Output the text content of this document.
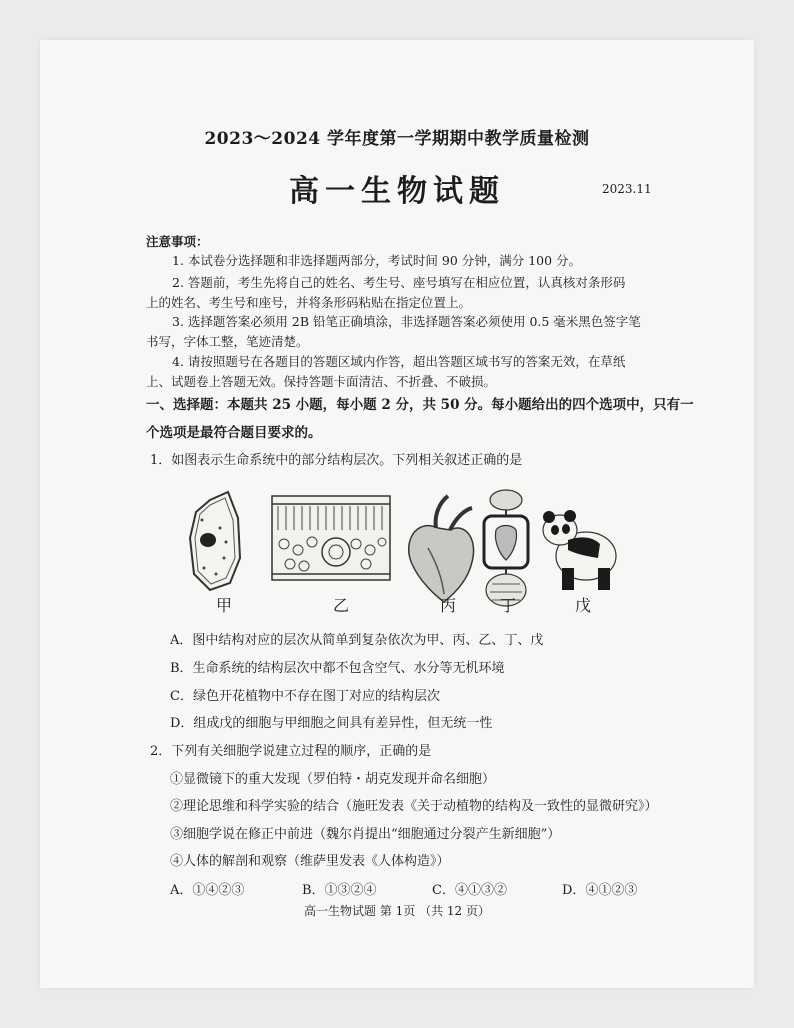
2023～2024 学年度第一学期期中教学质量检测
高一生物试题	2023.11
注意事项：
1. 本试卷分选择题和非选择题两部分，考试时间 90 分钟，满分 100 分。
2. 答题前，考生先将自己的姓名、考生号、座号填写在相应位置，认真核对条形码
上的姓名、考生号和座号，并将条形码粘贴在指定位置上。
3. 选择题答案必须用 2B 铅笔正确填涂，非选择题答案必须使用 0.5 毫米黑色签字笔
书写，字体工整，笔迹清楚。
4. 请按照题号在各题目的答题区域内作答，超出答题区域书写的答案无效，在草纸
上、试题卷上答题无效。保持答题卡面清洁、不折叠、不破损。
一、选择题：本题共 25 小题，每小题 2 分，共 50 分。每小题给出的四个选项中，只有一
个选项是最符合题目要求的。
1．如图表示生命系统中的部分结构层次。下列相关叙述正确的是
甲	乙	丙	丁	戊
A．图中结构对应的层次从简单到复杂依次为甲、丙、乙、丁、戊
B．生命系统的结构层次中都不包含空气、水分等无机环境
C．绿色开花植物中不存在图丁对应的结构层次
D．组成戊的细胞与甲细胞之间具有差异性，但无统一性
2．下列有关细胞学说建立过程的顺序，正确的是
①显微镜下的重大发现（罗伯特・胡克发现并命名细胞）
②理论思维和科学实验的结合（施旺发表《关于动植物的结构及一致性的显微研究》）
③细胞学说在修正中前进（魏尔肖提出“细胞通过分裂产生新细胞”）
④人体的解剖和观察（维萨里发表《人体构造》）
A．①④②③	B．①③②④	C．④①③②	D．④①②③
高一生物试题 第 1页 （共 12 页）
